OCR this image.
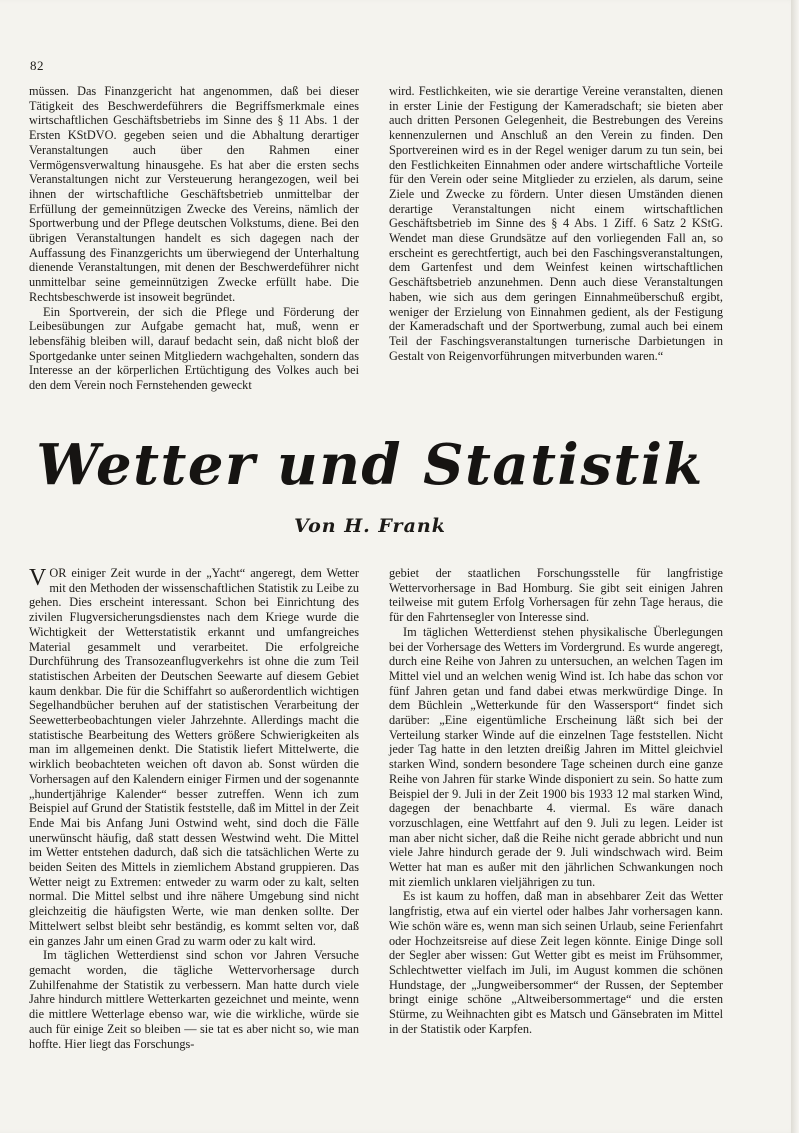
82

müssen. Das Finanzgericht hat angenommen, daß bei dieser Tätigkeit des Beschwerdeführers die Begriffsmerkmale eines wirtschaftlichen Geschäftsbetriebs im Sinne des § 11 Abs. 1 der Ersten KStDVO. gegeben seien und die Abhaltung derartiger Veranstaltungen auch über den Rahmen einer Vermögensverwaltung hinausgehe. Es hat aber die ersten sechs Veranstaltungen nicht zur Versteuerung herangezogen, weil bei ihnen der wirtschaftliche Geschäftsbetrieb unmittelbar der Erfüllung der gemeinnützigen Zwecke des Vereins, nämlich der Sportwerbung und der Pflege deutschen Volkstums, diene. Bei den übrigen Veranstaltungen handelt es sich dagegen nach der Auffassung des Finanzgerichts um überwiegend der Unterhaltung dienende Veranstaltungen, mit denen der Beschwerdeführer nicht unmittelbar seine gemeinnützigen Zwecke erfüllt habe. Die Rechtsbeschwerde ist insoweit begründet.

Ein Sportverein, der sich die Pflege und Förderung der Leibesübungen zur Aufgabe gemacht hat, muß, wenn er lebensfähig bleiben will, darauf bedacht sein, daß nicht bloß der Sportgedanke unter seinen Mitgliedern wachgehalten, sondern das Interesse an der körperlichen Ertüchtigung des Volkes auch bei den dem Verein noch Fernstehenden geweckt

wird. Festlichkeiten, wie sie derartige Vereine veranstalten, dienen in erster Linie der Festigung der Kameradschaft; sie bieten aber auch dritten Personen Gelegenheit, die Bestrebungen des Vereins kennenzulernen und Anschluß an den Verein zu finden. Den Sportvereinen wird es in der Regel weniger darum zu tun sein, bei den Festlichkeiten Einnahmen oder andere wirtschaftliche Vorteile für den Verein oder seine Mitglieder zu erzielen, als darum, seine Ziele und Zwecke zu fördern. Unter diesen Umständen dienen derartige Veranstaltungen nicht einem wirtschaftlichen Geschäftsbetrieb im Sinne des § 4 Abs. 1 Ziff. 6 Satz 2 KStG. Wendet man diese Grundsätze auf den vorliegenden Fall an, so erscheint es gerechtfertigt, auch bei den Faschingsveranstaltungen, dem Gartenfest und dem Weinfest keinen wirtschaftlichen Geschäftsbetrieb anzunehmen. Denn auch diese Veranstaltungen haben, wie sich aus dem geringen Einnahmeüberschuß ergibt, weniger der Erzielung von Einnahmen gedient, als der Festigung der Kameradschaft und der Sportwerbung, zumal auch bei einem Teil der Faschingsveranstaltungen turnerische Darbietungen in Gestalt von Reigenvorführungen mitverbunden waren.“

Wetter und Statistik
Von H. Frank

VOR einiger Zeit wurde in der „Yacht“ angeregt, dem Wetter mit den Methoden der wissenschaftlichen Statistik zu Leibe zu gehen. Dies erscheint interessant. Schon bei Einrichtung des zivilen Flugversicherungsdienstes nach dem Kriege wurde die Wichtigkeit der Wetterstatistik erkannt und umfangreiches Material gesammelt und verarbeitet. Die erfolgreiche Durchführung des Transozeanflugverkehrs ist ohne die zum Teil statistischen Arbeiten der Deutschen Seewarte auf diesem Gebiet kaum denkbar. Die für die Schiffahrt so außerordentlich wichtigen Segelhandbücher beruhen auf der statistischen Verarbeitung der Seewetterbeobachtungen vieler Jahrzehnte. Allerdings macht die statistische Bearbeitung des Wetters größere Schwierigkeiten als man im allgemeinen denkt. Die Statistik liefert Mittelwerte, die wirklich beobachteten weichen oft davon ab. Sonst würden die Vorhersagen auf den Kalendern einiger Firmen und der sogenannte „hundertjährige Kalender“ besser zutreffen. Wenn ich zum Beispiel auf Grund der Statistik feststelle, daß im Mittel in der Zeit Ende Mai bis Anfang Juni Ostwind weht, sind doch die Fälle unerwünscht häufig, daß statt dessen Westwind weht. Die Mittel im Wetter entstehen dadurch, daß sich die tatsächlichen Werte zu beiden Seiten des Mittels in ziemlichem Abstand gruppieren. Das Wetter neigt zu Extremen: entweder zu warm oder zu kalt, selten normal. Die Mittel selbst und ihre nähere Umgebung sind nicht gleichzeitig die häufigsten Werte, wie man denken sollte. Der Mittelwert selbst bleibt sehr beständig, es kommt selten vor, daß ein ganzes Jahr um einen Grad zu warm oder zu kalt wird.

Im täglichen Wetterdienst sind schon vor Jahren Versuche gemacht worden, die tägliche Wettervorhersage durch Zuhilfenahme der Statistik zu verbessern. Man hatte durch viele Jahre hindurch mittlere Wetterkarten gezeichnet und meinte, wenn die mittlere Wetterlage ebenso war, wie die wirkliche, würde sie auch für einige Zeit so bleiben — sie tat es aber nicht so, wie man hoffte. Hier liegt das Forschungs-

gebiet der staatlichen Forschungsstelle für langfristige Wettervorhersage in Bad Homburg. Sie gibt seit einigen Jahren teilweise mit gutem Erfolg Vorhersagen für zehn Tage heraus, die für den Fahrtensegler von Interesse sind.

Im täglichen Wetterdienst stehen physikalische Überlegungen bei der Vorhersage des Wetters im Vordergrund. Es wurde angeregt, durch eine Reihe von Jahren zu untersuchen, an welchen Tagen im Mittel viel und an welchen wenig Wind ist. Ich habe das schon vor fünf Jahren getan und fand dabei etwas merkwürdige Dinge. In dem Büchlein „Wetterkunde für den Wassersport“ findet sich darüber: „Eine eigentümliche Erscheinung läßt sich bei der Verteilung starker Winde auf die einzelnen Tage feststellen. Nicht jeder Tag hatte in den letzten dreißig Jahren im Mittel gleichviel starken Wind, sondern besondere Tage scheinen durch eine ganze Reihe von Jahren für starke Winde disponiert zu sein. So hatte zum Beispiel der 9. Juli in der Zeit 1900 bis 1933 12 mal starken Wind, dagegen der benachbarte 4. viermal. Es wäre danach vorzuschlagen, eine Wettfahrt auf den 9. Juli zu legen. Leider ist man aber nicht sicher, daß die Reihe nicht gerade abbricht und nun viele Jahre hindurch gerade der 9. Juli windschwach wird. Beim Wetter hat man es außer mit den jährlichen Schwankungen noch mit ziemlich unklaren vieljährigen zu tun.

Es ist kaum zu hoffen, daß man in absehbarer Zeit das Wetter langfristig, etwa auf ein viertel oder halbes Jahr vorhersagen kann. Wie schön wäre es, wenn man sich seinen Urlaub, seine Ferienfahrt oder Hochzeitsreise auf diese Zeit legen könnte. Einige Dinge soll der Segler aber wissen: Gut Wetter gibt es meist im Frühsommer, Schlechtwetter vielfach im Juli, im August kommen die schönen Hundstage, der „Jungweibersommer“ der Russen, der September bringt einige schöne „Altweibersommertage“ und die ersten Stürme, zu Weihnachten gibt es Matsch und Gänsebraten im Mittel in der Statistik oder Karpfen.
